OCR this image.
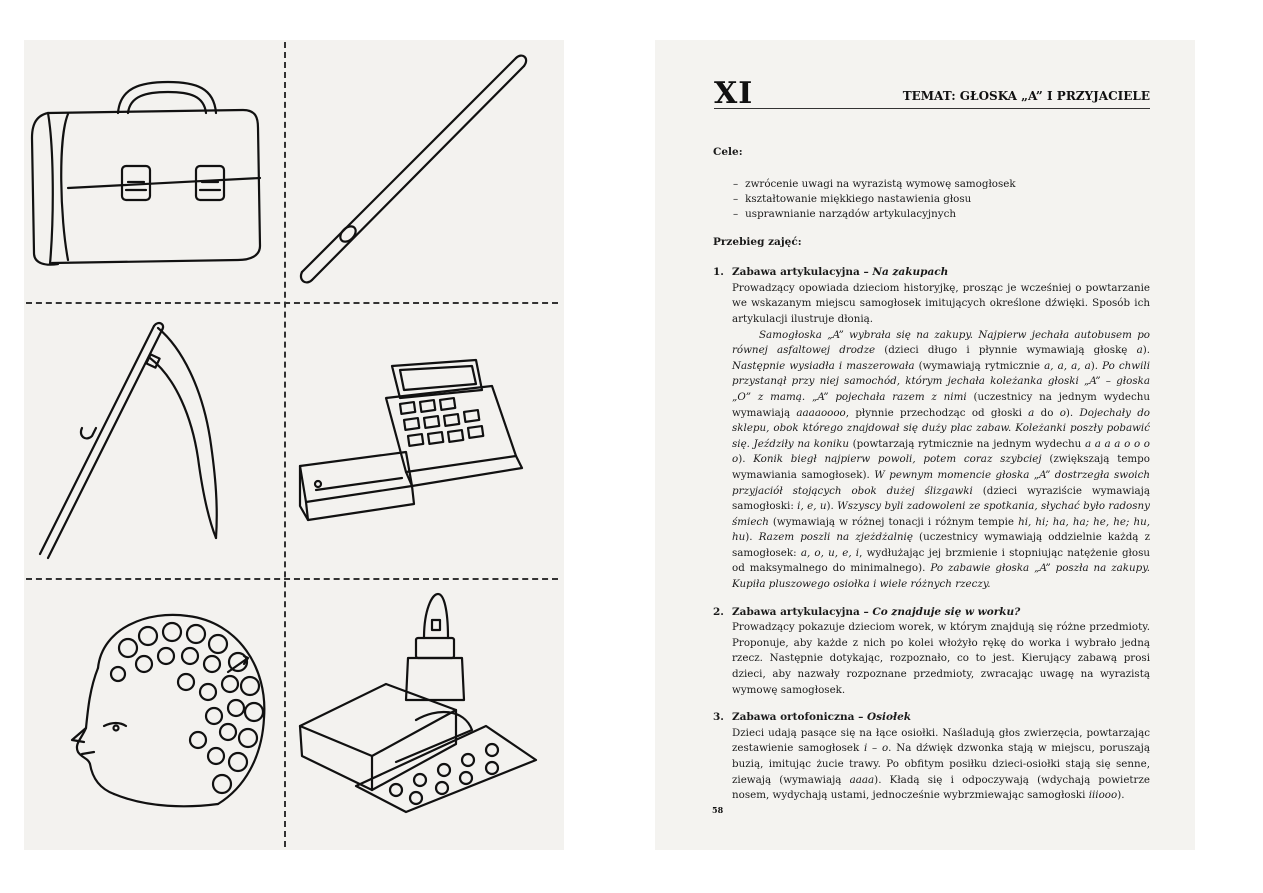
XI	TEMAT: GŁOSKA „A” I PRZYJACIELE

Cele:

– zwrócenie uwagi na wyrazistą wymowę samogłosek
– kształtowanie miękkiego nastawienia głosu
– usprawnianie narządów artykulacyjnych

Przebieg zajęć:

1. Zabawa artykulacyjna – Na zakupach

Prowadzący opowiada dzieciom historyjkę, prosząc je wcześniej o powtarzanie we wskazanym miejscu samogłosek imitujących określone dźwięki. Sposób ich artykulacji ilustruje dłonią.

Samogłoska „A” wybrała się na zakupy. Najpierw jechała autobusem po równej asfaltowej drodze (dzieci długo i płynnie wymawiają głoskę a). Następnie wysiadła i maszerowała (wymawiają rytmicznie a, a, a, a). Po chwili przystanął przy niej samochód, którym jechała koleżanka głoski „A” – głoska „O” z mamą. „A” pojechała razem z nimi (uczestnicy na jednym wydechu wymawiają aaaaoooo, płynnie przechodząc od głoski a do o). Dojechały do sklepu, obok którego znajdował się duży plac zabaw. Koleżanki poszły pobawić się. Jeździły na koniku (powtarzają rytmicznie na jednym wydechu a a a a o o o o). Konik biegł najpierw powoli, potem coraz szybciej (zwiększają tempo wymawiania samogłosek). W pewnym momencie głoska „A” dostrzegła swoich przyjaciół stojących obok dużej ślizgawki (dzieci wyraziście wymawiają samogłoski: i, e, u). Wszyscy byli zadowoleni ze spotkania, słychać było radosny śmiech (wymawiają w różnej tonacji i różnym tempie hi, hi; ha, ha; he, he; hu, hu). Razem poszli na zjeżdżalnię (uczestnicy wymawiają oddzielnie każdą z samogłosek: a, o, u, e, i, wydłużając jej brzmienie i stopniując natężenie głosu od maksymalnego do minimalnego). Po zabawie głoska „A” poszła na zakupy. Kupiła pluszowego osiołka i wiele różnych rzeczy.

2. Zabawa artykulacyjna – Co znajduje się w worku?

Prowadzący pokazuje dzieciom worek, w którym znajdują się różne przedmioty. Proponuje, aby każde z nich po kolei włożyło rękę do worka i wybrało jedną rzecz. Następnie dotykając, rozpoznało, co to jest. Kierujący zabawą prosi dzieci, aby nazwały rozpoznane przedmioty, zwracając uwagę na wyrazistą wymowę samogłosek.

3. Zabawa ortofoniczna – Osiołek

Dzieci udają pasące się na łące osiołki. Naśladują głos zwierzęcia, powtarzając zestawienie samogłosek i – o. Na dźwięk dzwonka stają w miejscu, poruszają buzią, imitując żucie trawy. Po obfitym posiłku dzieci-osiołki stają się senne, ziewają (wymawiają aaaa). Kładą się i odpoczywają (wdychają powietrze nosem, wydychają ustami, jednocześnie wybrzmiewając samogłoski iiiooo).

58
